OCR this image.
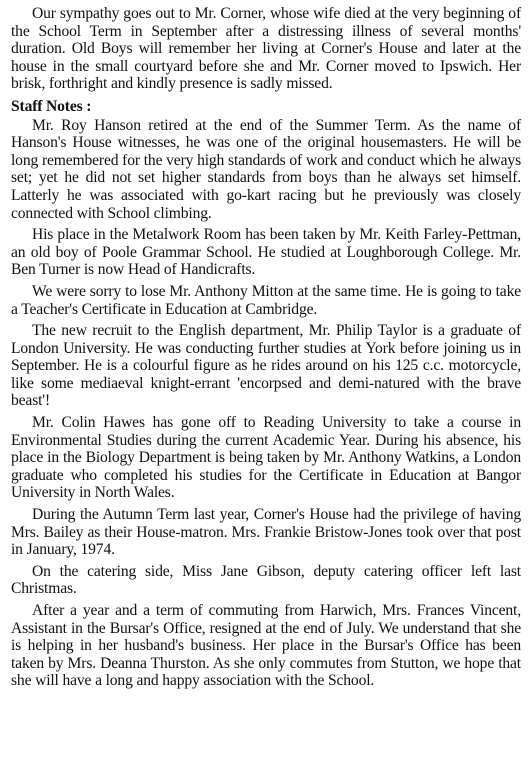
Our sympathy goes out to Mr. Corner, whose wife died at the very beginning of the School Term in September after a distressing illness of several months' duration. Old Boys will remember her living at Corner's House and later at the house in the small courtyard before she and Mr. Corner moved to Ipswich. Her brisk, forthright and kindly presence is sadly missed.

Staff Notes :

Mr. Roy Hanson retired at the end of the Summer Term. As the name of Hanson's House witnesses, he was one of the original housemasters. He will be long remembered for the very high standards of work and conduct which he always set; yet he did not set higher standards from boys than he always set himself. Latterly he was associated with go-kart racing but he previously was closely connected with School climbing.

His place in the Metalwork Room has been taken by Mr. Keith Farley-Pettman, an old boy of Poole Grammar School. He studied at Loughborough College. Mr. Ben Turner is now Head of Handicrafts.

We were sorry to lose Mr. Anthony Mitton at the same time. He is going to take a Teacher's Certificate in Education at Cambridge.

The new recruit to the English department, Mr. Philip Taylor is a graduate of London University. He was conducting further studies at York before joining us in September. He is a colourful figure as he rides around on his 125 c.c. motorcycle, like some mediaeval knight-errant 'encorpsed and demi-natured with the brave beast'!

Mr. Colin Hawes has gone off to Reading University to take a course in Environmental Studies during the current Academic Year. During his absence, his place in the Biology Department is being taken by Mr. Anthony Watkins, a London graduate who completed his studies for the Certificate in Education at Bangor University in North Wales.

During the Autumn Term last year, Corner's House had the privilege of having Mrs. Bailey as their House-matron. Mrs. Frankie Bristow-Jones took over that post in January, 1974.

On the catering side, Miss Jane Gibson, deputy catering officer left last Christmas.

After a year and a term of commuting from Harwich, Mrs. Frances Vincent, Assistant in the Bursar's Office, resigned at the end of July. We understand that she is helping in her husband's business. Her place in the Bursar's Office has been taken by Mrs. Deanna Thurston. As she only commutes from Stutton, we hope that she will have a long and happy association with the School.
